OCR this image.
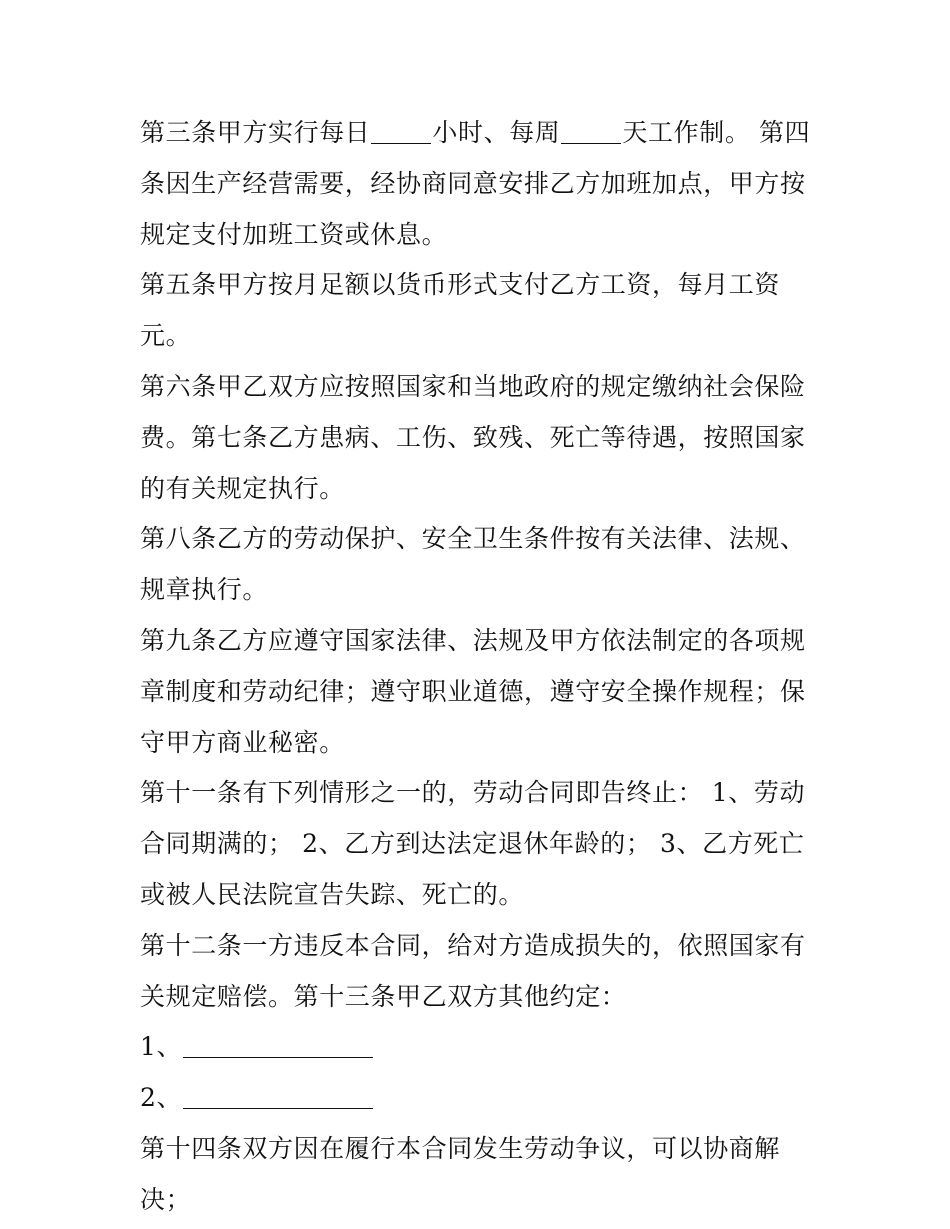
第三条甲方实行每日 小时、每周 天工作制。 第四条因生产经营需要，经协商同意安排乙方加班加点，甲方按规定支付加班工资或休息。

第五条甲方按月足额以货币形式支付乙方工资，每月工资元。

第六条甲乙双方应按照国家和当地政府的规定缴纳社会保险费。第七条乙方患病、工伤、致残、死亡等待遇，按照国家的有关规定执行。

第八条乙方的劳动保护、安全卫生条件按有关法律、法规、规章执行。

第九条乙方应遵守国家法律、法规及甲方依法制定的各项规章制度和劳动纪律；遵守职业道德，遵守安全操作规程；保守甲方商业秘密。

第十一条有下列情形之一的，劳动合同即告终止： 1、劳动合同期满的； 2、乙方到达法定退休年龄的； 3、乙方死亡或被人民法院宣告失踪、死亡的。

第十二条一方违反本合同，给对方造成损失的，依照国家有关规定赔偿。第十三条甲乙双方其他约定：

1、

2、

第十四条双方因在履行本合同发生劳动争议，可以协商解决；
